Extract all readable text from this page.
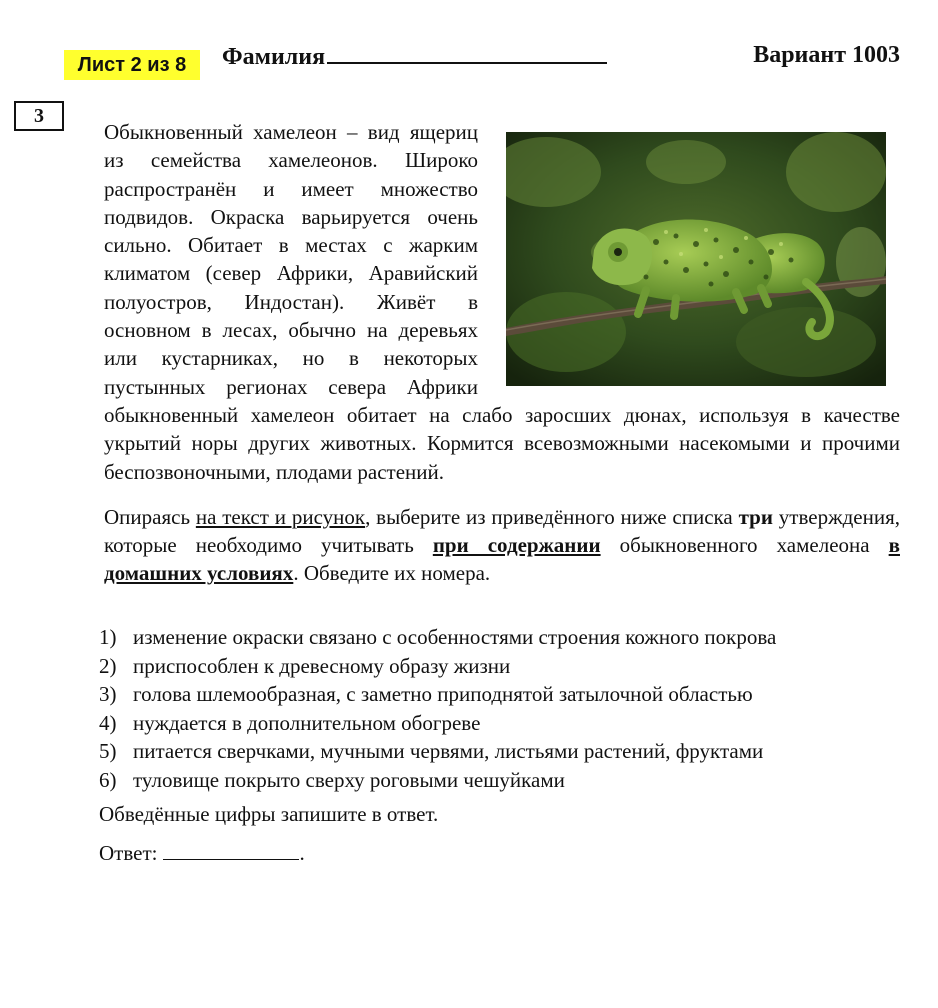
Лист 2 из 8	Фамилия	Вариант 1003
3

Обыкновенный хамелеон – вид ящериц из семейства хамелеонов. Широко распространён и имеет множество подвидов. Окраска варьируется очень сильно. Обитает в местах с жарким климатом (север Африки, Аравийский полуостров, Индостан). Живёт в основном в лесах, обычно на деревьях или кустарниках, но в некоторых пустынных регионах севера Африки обыкновенный хамелеон обитает на слабо заросших дюнах, используя в качестве укрытий норы других животных. Кормится всевозможными насекомыми и прочими беспозвоночными, плодами растений.

Опираясь на текст и рисунок, выберите из приведённого ниже списка три утверждения, которые необходимо учитывать при содержании обыкновенного хамелеона в домашних условиях. Обведите их номера.

1) изменение окраски связано с особенностями строения кожного покрова
2) приспособлен к древесному образу жизни
3) голова шлемообразная, с заметно приподнятой затылочной областью
4) нуждается в дополнительном обогреве
5) питается сверчками, мучными червями, листьями растений, фруктами
6) туловище покрыто сверху роговыми чешуйками
Обведённые цифры запишите в ответ.
Ответ:	.
